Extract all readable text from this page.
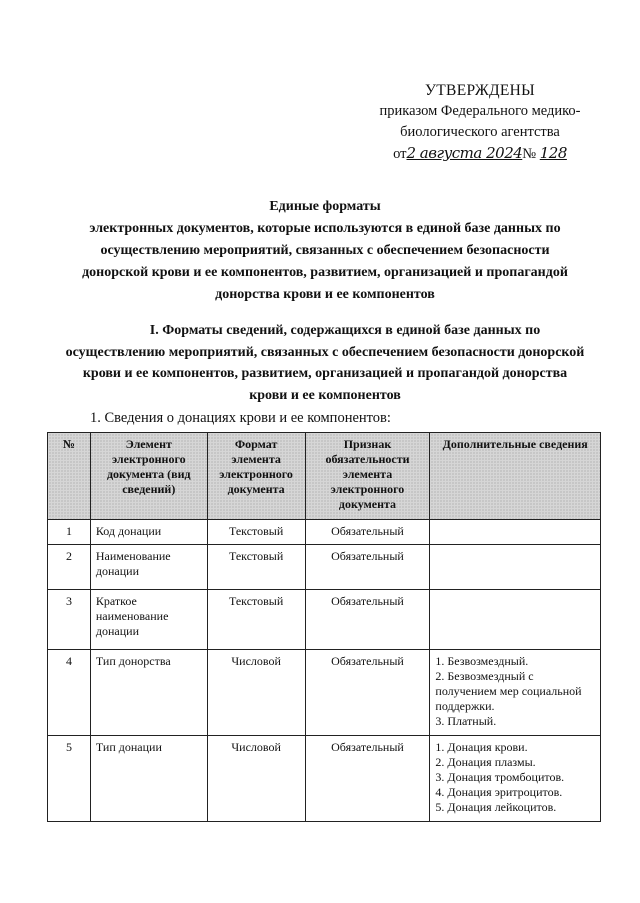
УТВЕРЖДЕНЫ
приказом Федерального медико-
биологического агентства
от2 августа 2024№ 128
Единые форматы
электронных документов, которые используются в единой базе данных по
осуществлению мероприятий, связанных с обеспечением безопасности
донорской крови и ее компонентов, развитием, организацией и пропагандой
донорства крови и ее компонентов
I. Форматы сведений, содержащихся в единой базе данных по
осуществлению мероприятий, связанных с обеспечением безопасности донорской
крови и ее компонентов, развитием, организацией и пропагандой донорства
крови и ее компонентов
1. Сведения о донациях крови и ее компонентов:
№	Элемент электронного документа (вид сведений)	Формат элемента электронного документа	Признак обязательности элемента электронного документа	Дополнительные сведения
1	Код донации	Текстовый	Обязательный	
2	Наименование донации	Текстовый	Обязательный	
3	Краткое наименование донации	Текстовый	Обязательный	
4	Тип донорства	Числовой	Обязательный	1. Безвозмездный.
2. Безвозмездный с получением мер социальной поддержки.
3. Платный.

5	Тип донации	Числовой	Обязательный	1. Донация крови.
2. Донация плазмы.
3. Донация тромбоцитов.
4. Донация эритроцитов.
5. Донация лейкоцитов.
